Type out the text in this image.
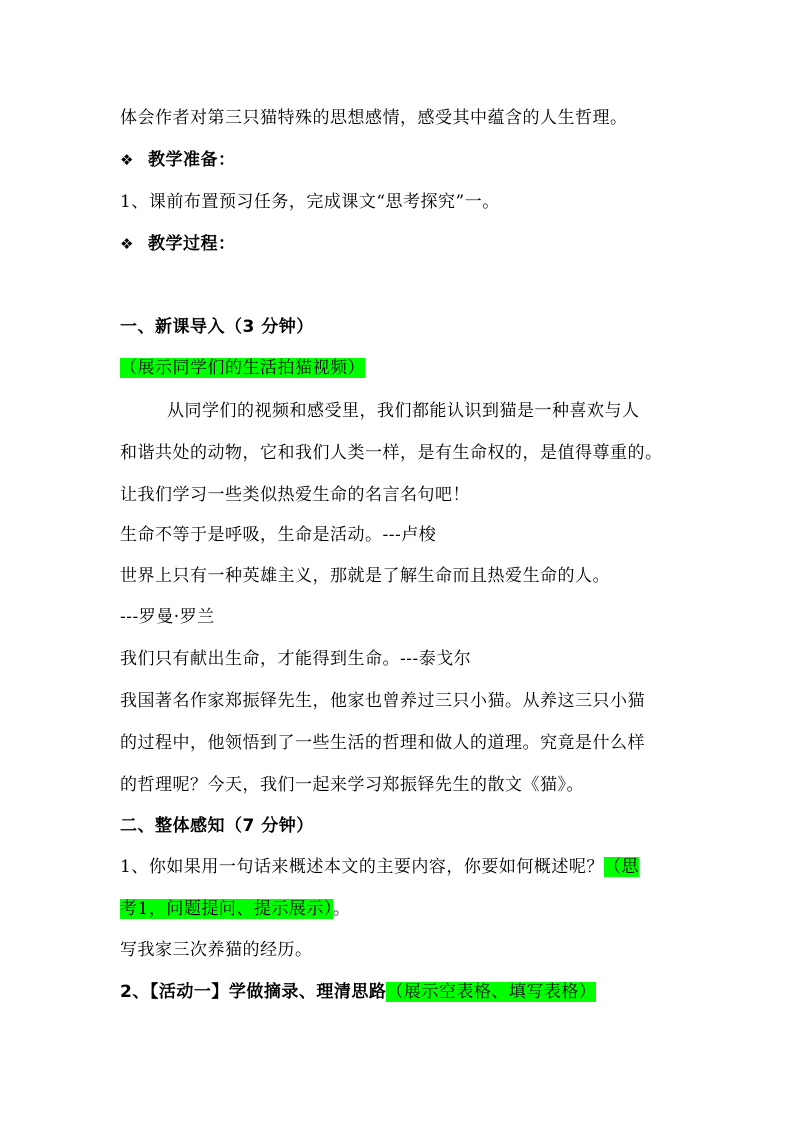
体会作者对第三只猫特殊的思想感情，感受其中蕴含的人生哲理。
❖ 教学准备：
1、课前布置预习任务，完成课文“思考探究”一。
❖ 教学过程：
一、新课导入（3 分钟）
（展示同学们的生活拍猫视频）
从同学们的视频和感受里，我们都能认识到猫是一种喜欢与人
和谐共处的动物，它和我们人类一样，是有生命权的，是值得尊重的。
让我们学习一些类似热爱生命的名言名句吧！
生命不等于是呼吸，生命是活动。---卢梭
世界上只有一种英雄主义，那就是了解生命而且热爱生命的人。
---罗曼·罗兰
我们只有献出生命，才能得到生命。---泰戈尔
我国著名作家郑振铎先生，他家也曾养过三只小猫。从养这三只小猫
的过程中，他领悟到了一些生活的哲理和做人的道理。究竟是什么样
的哲理呢？今天，我们一起来学习郑振铎先生的散文《猫》。
二、整体感知（7 分钟）
1、你如果用一句话来概述本文的主要内容，你要如何概述呢？（思
考1，问题提问、提示展示）。
写我家三次养猫的经历。
2、【活动一】学做摘录、理清思路（展示空表格、填写表格）
